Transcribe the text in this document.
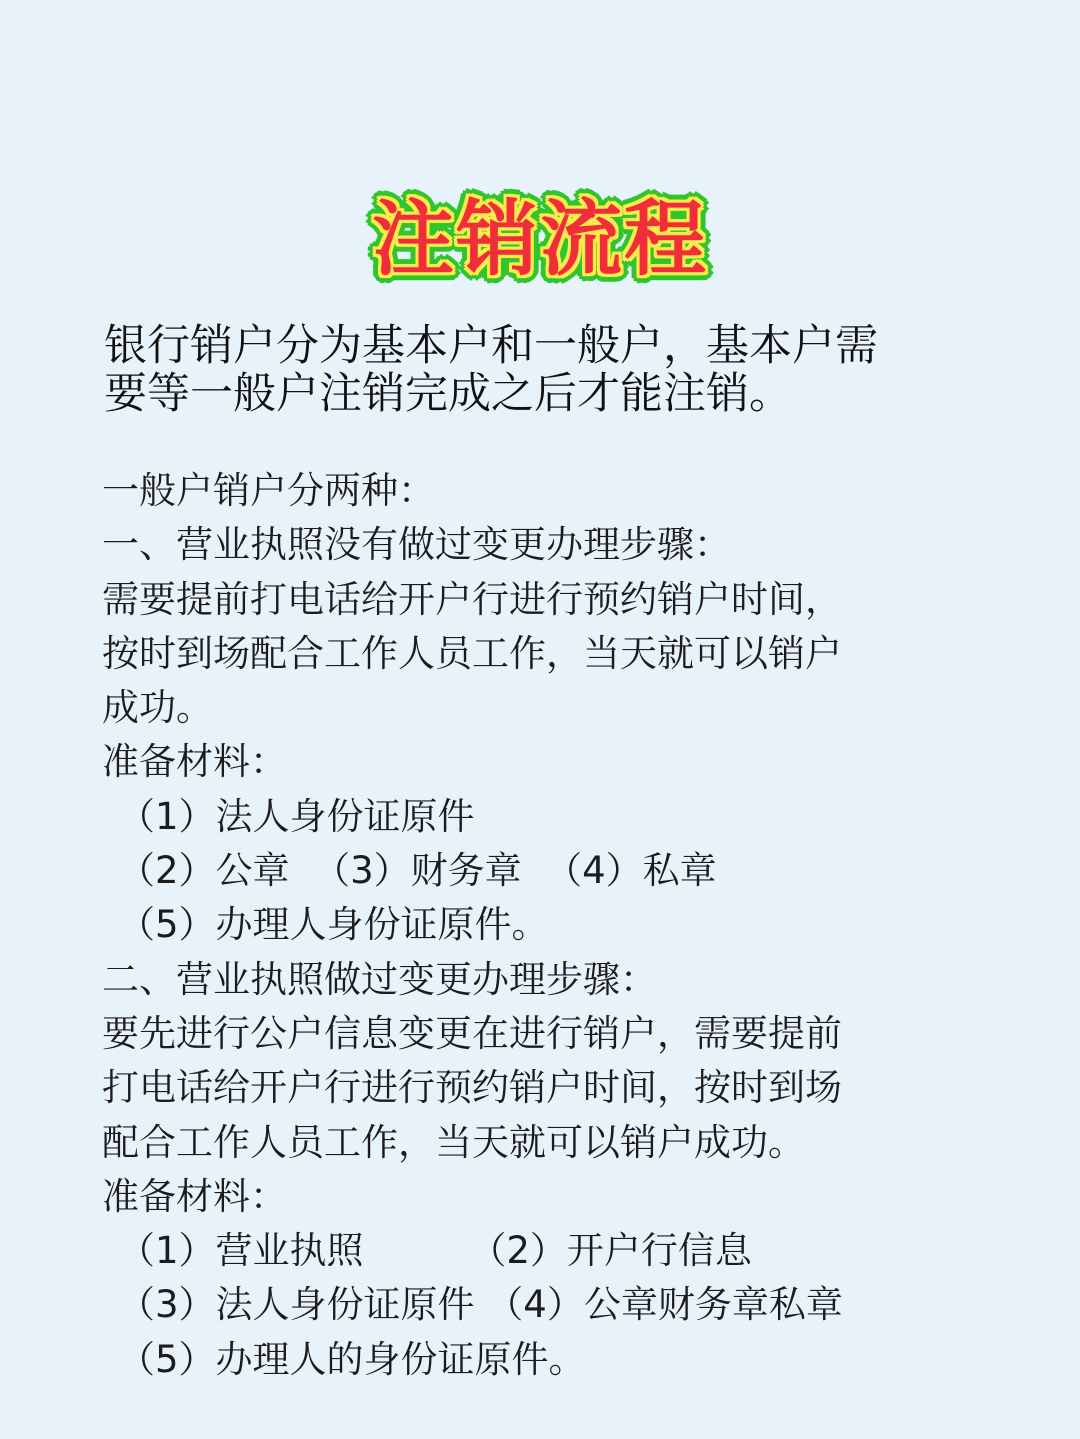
注销流程

银行销户分为基本户和一般户，基本户需

要等一般户注销完成之后才能注销。

一般户销户分两种：

一、营业执照没有做过变更办理步骤：

需要提前打电话给开户行进行预约销户时间，

按时到场配合工作人员工作，当天就可以销户

成功。

准备材料：

（1）法人身份证原件

（2）公章  （3）财务章  （4）私章

（5）办理人身份证原件。

二、营业执照做过变更办理步骤：

要先进行公户信息变更在进行销户，需要提前

打电话给开户行进行预约销户时间，按时到场

配合工作人员工作，当天就可以销户成功。

准备材料：

（1）营业执照         （2）开户行信息

（3）法人身份证原件 （4）公章财务章私章

（5）办理人的身份证原件。
